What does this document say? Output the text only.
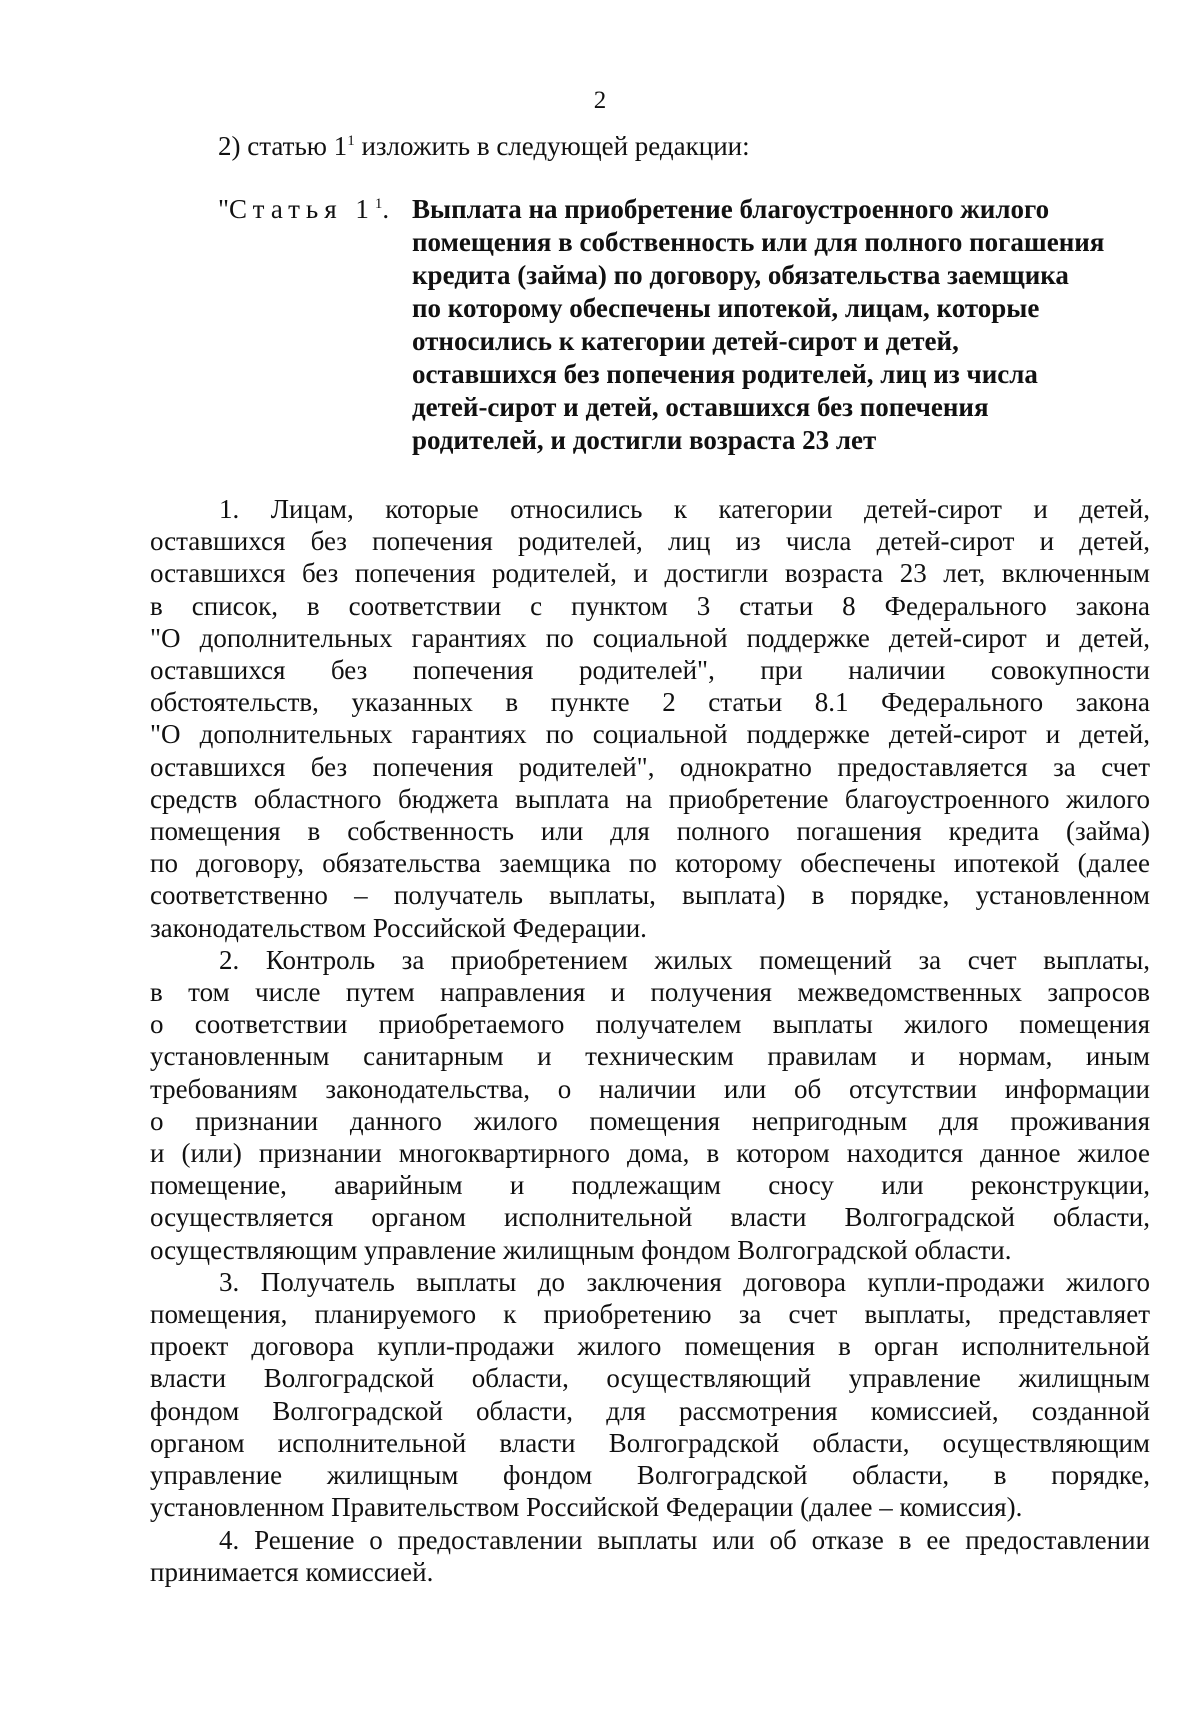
2
2) статью $1^1$ изложить в следующей редакции:
"Статья $1^1$. Выплата на приобретение благоустроенного жилого
помещения в собственность или для полного погашения
кредита (займа) по договору, обязательства заемщика
по которому обеспечены ипотекой, лицам, которые
относились к категории детей-сирот и детей,
оставшихся без попечения родителей, лиц из числа
детей-сирот и детей, оставшихся без попечения
родителей, и достигли возраста 23 лет
1. Лицам, которые относились к категории детей-сирот и детей,
оставшихся без попечения родителей, лиц из числа детей-сирот и детей,
оставшихся без попечения родителей, и достигли возраста 23 лет, включенным
в список, в соответствии с пунктом 3 статьи 8 Федерального закона
"О дополнительных гарантиях по социальной поддержке детей-сирот и детей,
оставшихся без попечения родителей", при наличии совокупности
обстоятельств, указанных в пункте 2 статьи 8.1 Федерального закона
"О дополнительных гарантиях по социальной поддержке детей-сирот и детей,
оставшихся без попечения родителей", однократно предоставляется за счет
средств областного бюджета выплата на приобретение благоустроенного жилого
помещения в собственность или для полного погашения кредита (займа)
по договору, обязательства заемщика по которому обеспечены ипотекой (далее
соответственно – получатель выплаты, выплата) в порядке, установленном
законодательством Российской Федерации.
2. Контроль за приобретением жилых помещений за счет выплаты,
в том числе путем направления и получения межведомственных запросов
о соответствии приобретаемого получателем выплаты жилого помещения
установленным санитарным и техническим правилам и нормам, иным
требованиям законодательства, о наличии или об отсутствии информации
о признании данного жилого помещения непригодным для проживания
и (или) признании многоквартирного дома, в котором находится данное жилое
помещение, аварийным и подлежащим сносу или реконструкции,
осуществляется органом исполнительной власти Волгоградской области,
осуществляющим управление жилищным фондом Волгоградской области.
3. Получатель выплаты до заключения договора купли-продажи жилого
помещения, планируемого к приобретению за счет выплаты, представляет
проект договора купли-продажи жилого помещения в орган исполнительной
власти Волгоградской области, осуществляющий управление жилищным
фондом Волгоградской области, для рассмотрения комиссией, созданной
органом исполнительной власти Волгоградской области, осуществляющим
управление жилищным фондом Волгоградской области, в порядке,
установленном Правительством Российской Федерации (далее – комиссия).
4. Решение о предоставлении выплаты или об отказе в ее предоставлении
принимается комиссией.
